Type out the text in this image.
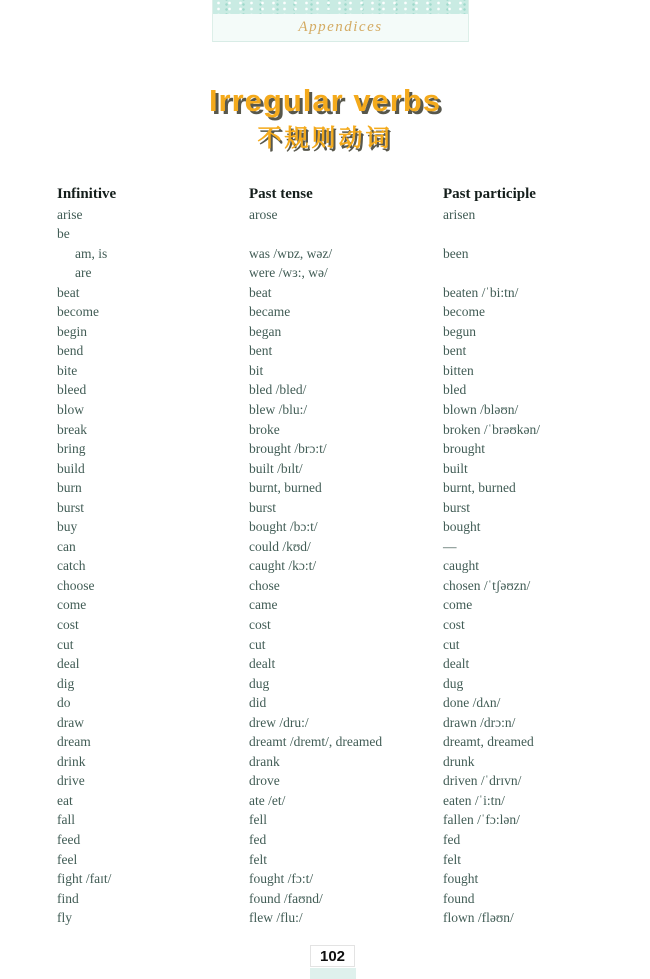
Appendices
Irregular verbs
不规则动词
Infinitive	Past tense	Past participle
arise	arose	arisen
be
am, is	was /wɒz, wəz/	been
are	were /wɜ:, wə/
beat	beat	beaten /ˈbi:tn/
become	became	become
begin	began	begun
bend	bent	bent
bite	bit	bitten
bleed	bled /bled/	bled
blow	blew /blu:/	blown /bləʊn/
break	broke	broken /ˈbrəʊkən/
bring	brought /brɔ:t/	brought
build	built /bɪlt/	built
burn	burnt, burned	burnt, burned
burst	burst	burst
buy	bought /bɔ:t/	bought
can	could /kʊd/	—
catch	caught /kɔ:t/	caught
choose	chose	chosen /ˈtʃəʊzn/
come	came	come
cost	cost	cost
cut	cut	cut
deal	dealt	dealt
dig	dug	dug
do	did	done /dʌn/
draw	drew /dru:/	drawn /drɔ:n/
dream	dreamt /dremt/, dreamed	dreamt, dreamed
drink	drank	drunk
drive	drove	driven /ˈdrɪvn/
eat	ate /et/	eaten /ˈi:tn/
fall	fell	fallen /ˈfɔ:lən/
feed	fed	fed
feel	felt	felt
fight /faɪt/	fought /fɔ:t/	fought
find	found /faʊnd/	found
fly	flew /flu:/	flown /fləʊn/
102
